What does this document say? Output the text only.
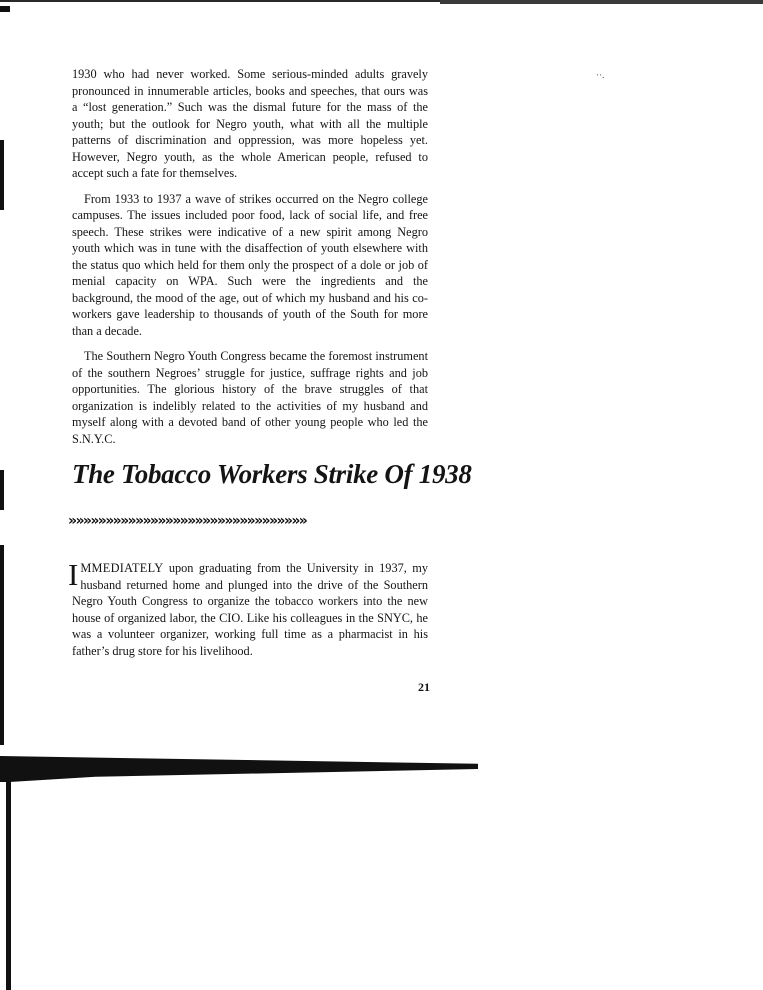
⋅·.

1930 who had never worked. Some serious-minded adults gravely pronounced in innumerable articles, books and speeches, that ours was a “lost generation.” Such was the dismal future for the mass of the youth; but the outlook for Negro youth, what with all the multiple patterns of discrimination and oppression, was more hopeless yet. However, Negro youth, as the whole American people, refused to accept such a fate for themselves.

From 1933 to 1937 a wave of strikes occurred on the Negro college campuses. The issues included poor food, lack of social life, and free speech. These strikes were indicative of a new spirit among Negro youth which was in tune with the disaffection of youth elsewhere with the status quo which held for them only the prospect of a dole or job of menial capacity on WPA. Such were the ingredients and the background, the mood of the age, out of which my husband and his co-workers gave leadership to thousands of youth of the South for more than a decade.

The Southern Negro Youth Congress became the foremost instrument of the southern Negroes’ struggle for justice, suffrage rights and job opportunities. The glorious history of the brave struggles of that organization is indelibly related to the activities of my husband and myself along with a devoted band of other young people who led the S.N.Y.C.

The Tobacco Workers Strike Of 1938
»»»»»»»»»»»»»»»»»»»»»»»»»»»»»»»»

IMMEDIATELY upon graduating from the University in 1937, my husband returned home and plunged into the drive of the Southern Negro Youth Congress to organize the tobacco workers into the new house of organized labor, the CIO. Like his colleagues in the SNYC, he was a volunteer organizer, working full time as a pharmacist in his father’s drug store for his livelihood.

21
